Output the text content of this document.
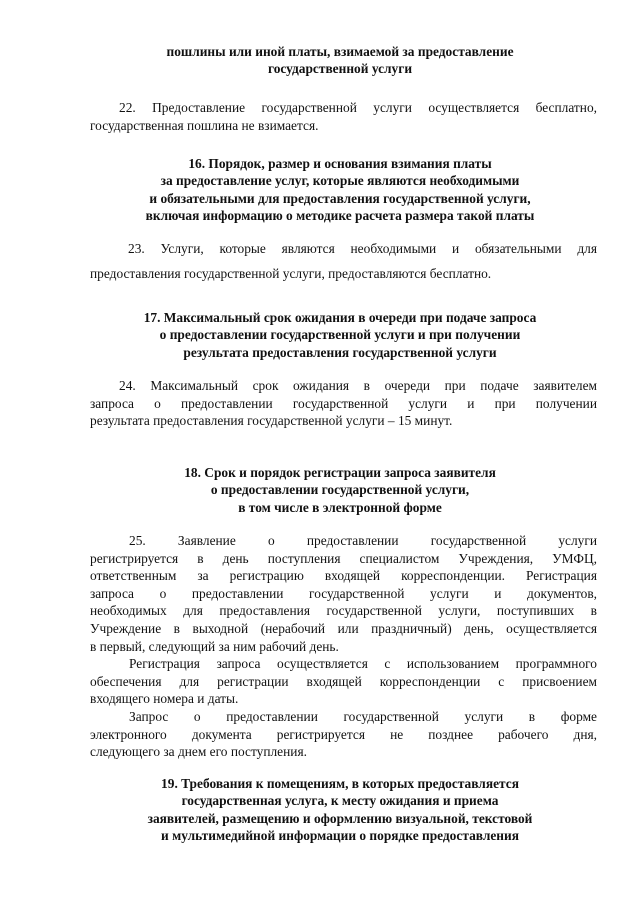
пошлины или иной платы, взимаемой за предоставление
государственной услуги
22. Предоставление государственной услуги осуществляется бесплатно,
государственная пошлина не взимается.
16. Порядок, размер и основания взимания платы
за предоставление услуг, которые являются необходимыми
и обязательными для предоставления государственной услуги,
включая информацию о методике расчета размера такой платы
23. Услуги, которые являются необходимыми и обязательными для
предоставления государственной услуги, предоставляются бесплатно.
17. Максимальный срок ожидания в очереди при подаче запроса
о предоставлении государственной услуги и при получении
результата предоставления государственной услуги
24. Максимальный срок ожидания в очереди при подаче заявителем
запроса о предоставлении государственной услуги и при получении
результата предоставления государственной услуги – 15 минут.
18. Срок и порядок регистрации запроса заявителя
о предоставлении государственной услуги,
в том числе в электронной форме
25. Заявление о предоставлении государственной услуги
регистрируется в день поступления специалистом Учреждения, УМФЦ,
ответственным за регистрацию входящей корреспонденции. Регистрация
запроса о предоставлении государственной услуги и документов,
необходимых для предоставления государственной услуги, поступивших в
Учреждение в выходной (нерабочий или праздничный) день, осуществляется
в первый, следующий за ним рабочий день.
Регистрация запроса осуществляется с использованием программного
обеспечения для регистрации входящей корреспонденции с присвоением
входящего номера и даты.
Запрос о предоставлении государственной услуги в форме
электронного документа регистрируется не позднее рабочего дня,
следующего за днем его поступления.
19. Требования к помещениям, в которых предоставляется
государственная услуга, к месту ожидания и приема
заявителей, размещению и оформлению визуальной, текстовой
и мультимедийной информации о порядке предоставления
